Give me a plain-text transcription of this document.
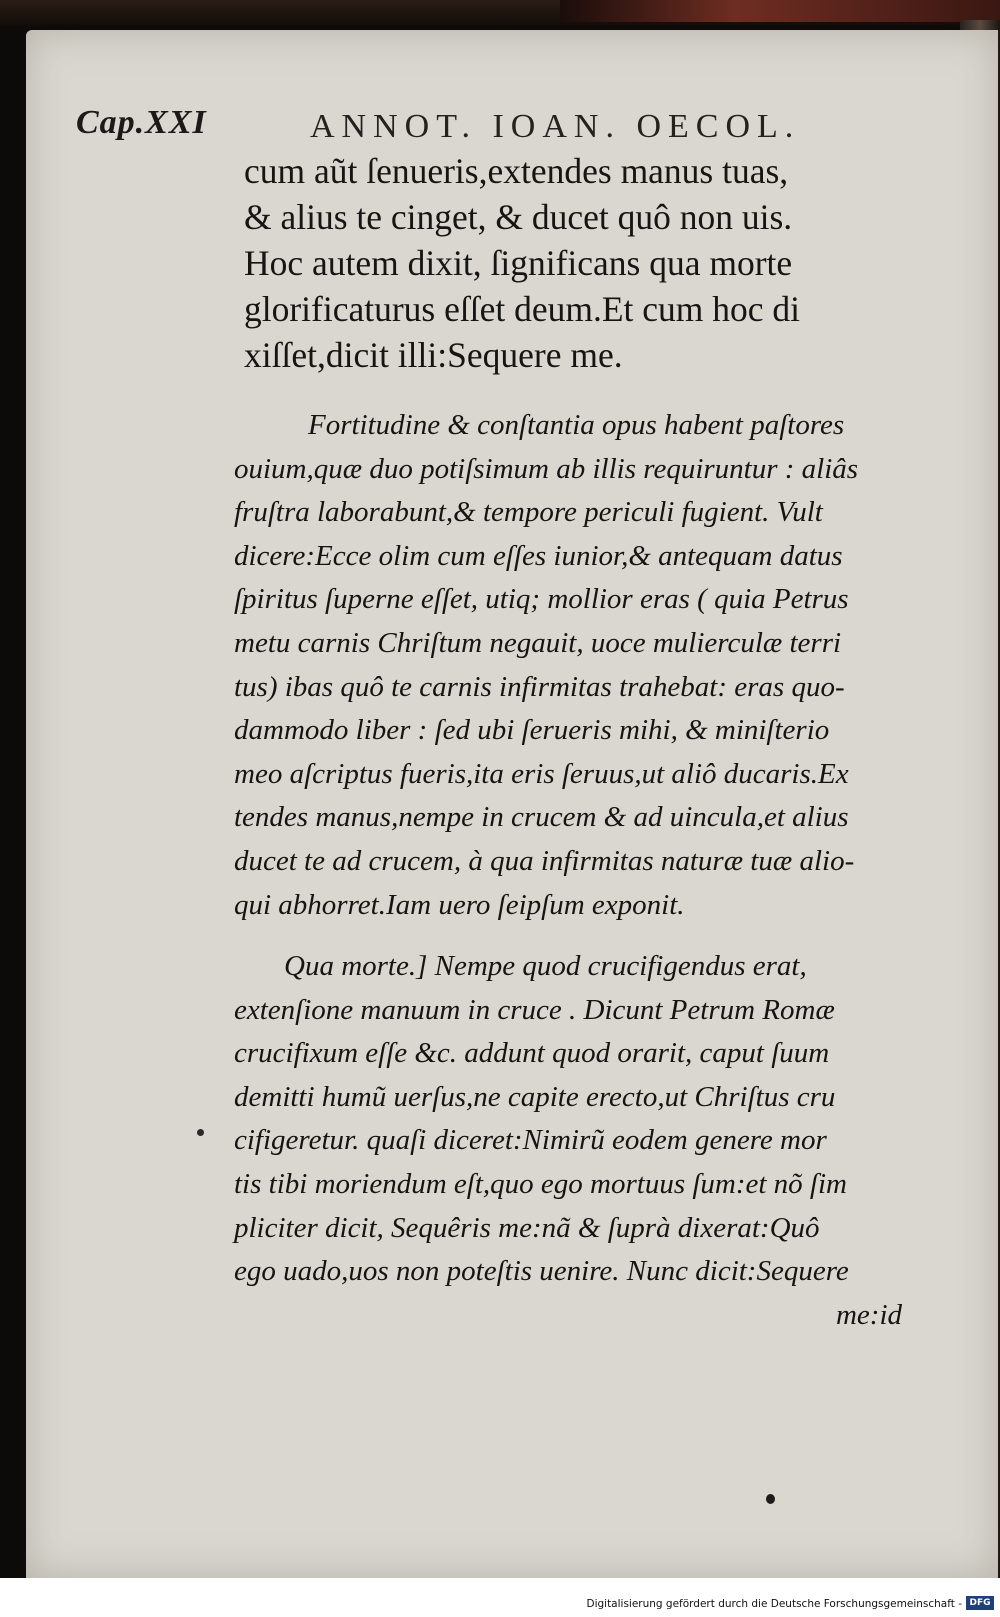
Cap.XXI	ANNOT. IOAN. OECOL.
cum aũt ſenueris,extendes manus tuas,
& alius te cinget, & ducet quô non uis.
Hoc autem dixit, ſignificans qua morte
glorificaturus eſſet deum.Et cum hoc di
xiſſet,dicit illi:Sequere me.
Fortitudine & conſtantia opus habent paſtores
ouium,quæ duo potiſsimum ab illis requiruntur : aliâs
fruſtra laborabunt,& tempore periculi fugient. Vult
dicere:Ecce olim cum eſſes iunior,& antequam datus
ſpiritus ſuperne eſſet, utiq; mollior eras ( quia Petrus
metu carnis Chriſtum negauit, uoce mulierculæ terri
tus) ibas quô te carnis infirmitas trahebat: eras quo-
dammodo liber : ſed ubi ſerueris mihi, & miniſterio
meo aſcriptus fueris,ita eris ſeruus,ut aliô ducaris.Ex
tendes manus,nempe in crucem & ad uincula,et alius
ducet te ad crucem, à qua infirmitas naturæ tuæ alio-
qui abhorret.Iam uero ſeipſum exponit.
Qua morte.] Nempe quod crucifigendus erat,
extenſione manuum in cruce . Dicunt Petrum Romæ
crucifixum eſſe &c. addunt quod orarit, caput ſuum
demitti humũ uerſus,ne capite erecto,ut Chriſtus cru
cifigeretur. quaſi diceret:Nimirũ eodem genere mor
tis tibi moriendum eſt,quo ego mortuus ſum:et nõ ſim
pliciter dicit, Sequêris me:nã & ſuprà dixerat:Quô
ego uado,uos non poteſtis uenire. Nunc dicit:Sequere
me:id
Digitalisierung gefördert durch die Deutsche Forschungsgemeinschaft - DFG
